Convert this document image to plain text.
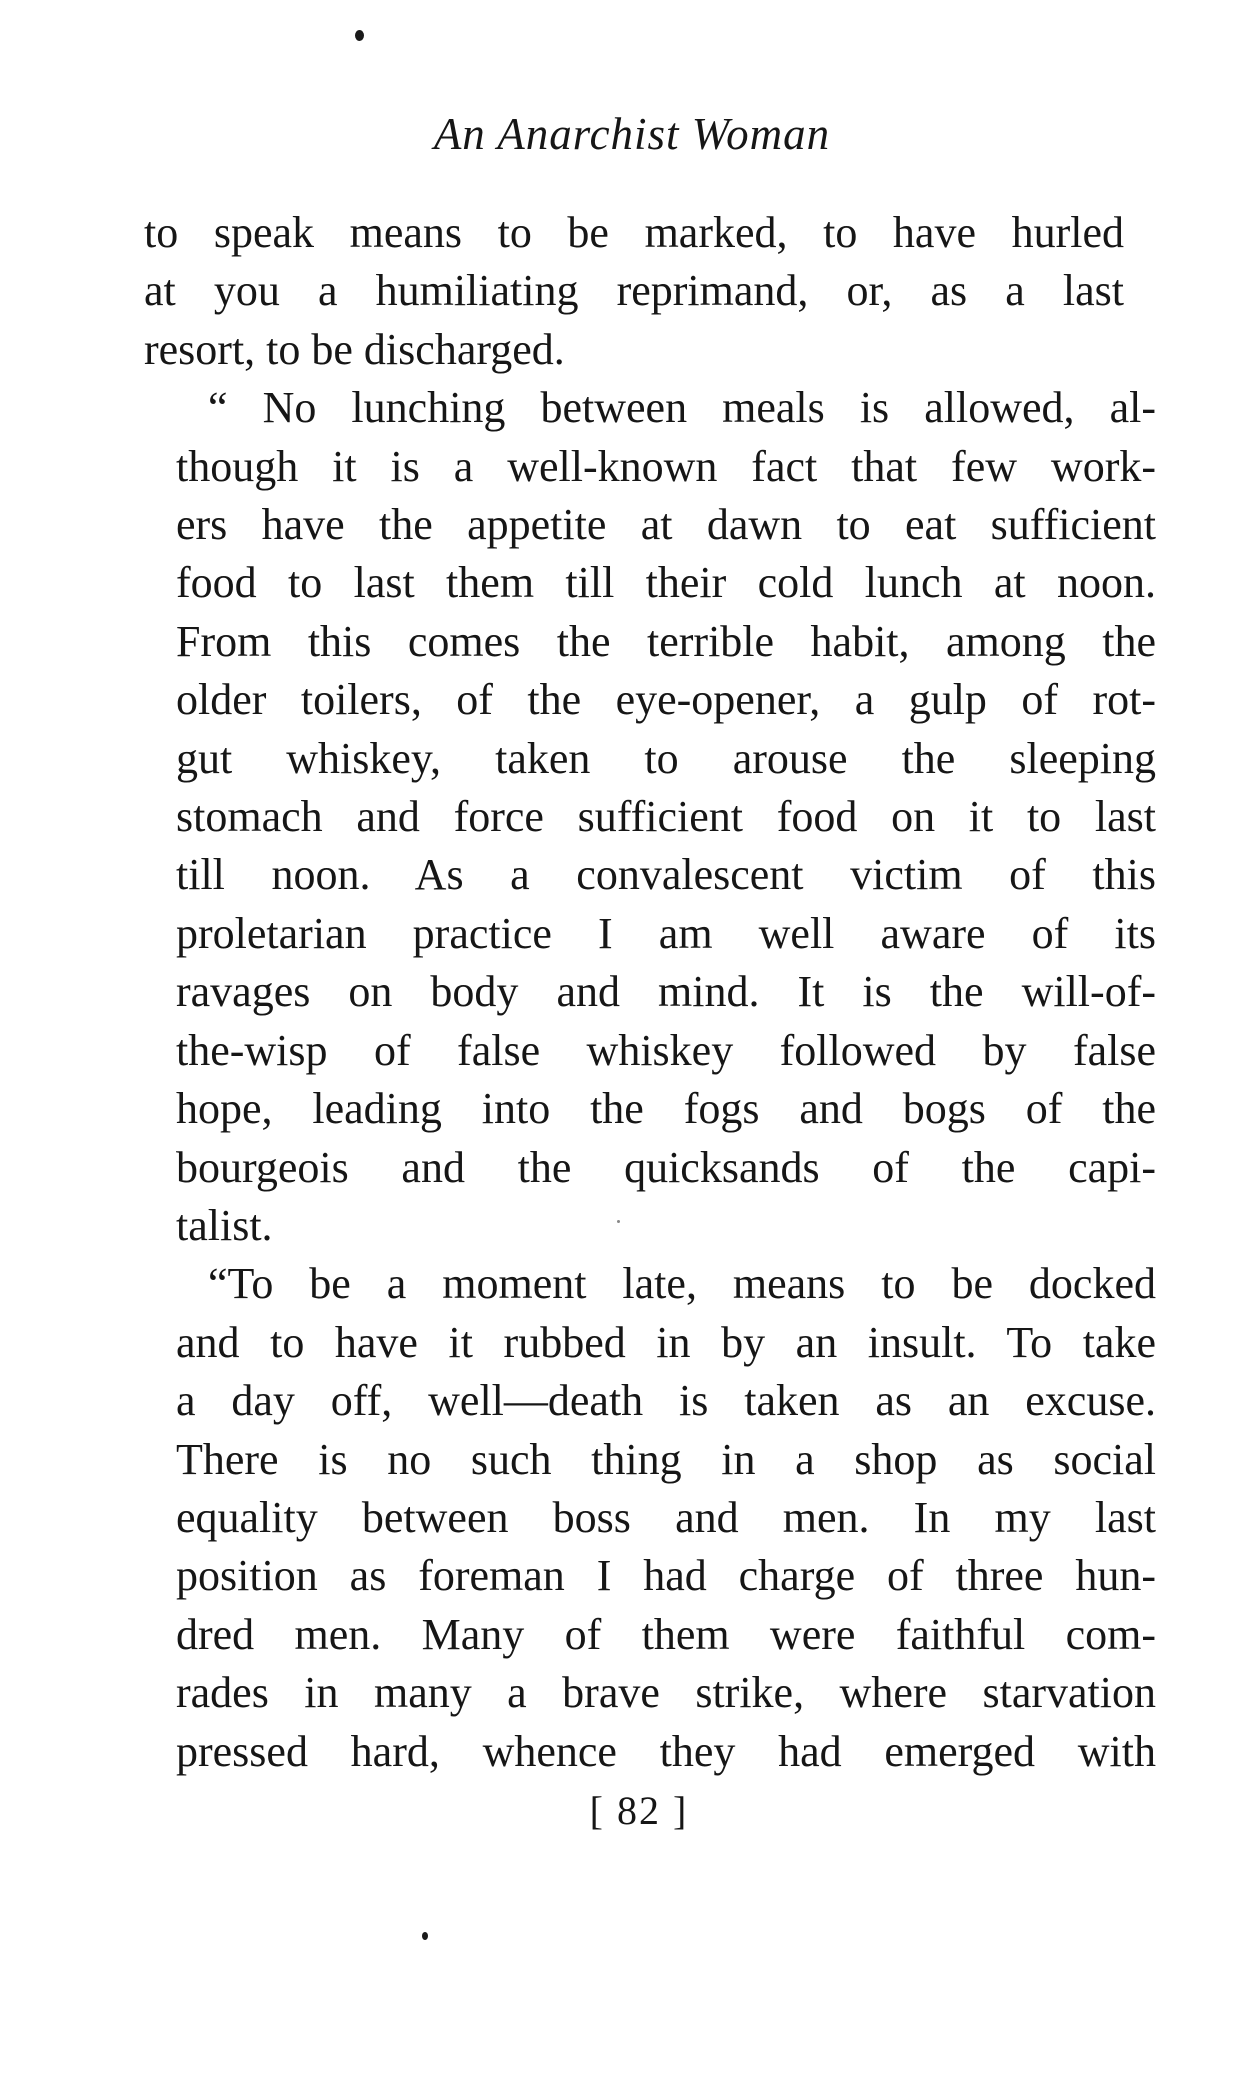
An Anarchist Woman

to speak means to be marked, to have hurled
at you a humiliating reprimand, or, as a last
resort, to be discharged.

“ No lunching between meals is allowed, al-
though it is a well-known fact that few work-
ers have the appetite at dawn to eat sufficient
food to last them till their cold lunch at noon.
From this comes the terrible habit, among the
older toilers, of the eye-opener, a gulp of rot-
gut whiskey, taken to arouse the sleeping
stomach and force sufficient food on it to last
till noon. As a convalescent victim of this
proletarian practice I am well aware of its
ravages on body and mind. It is the will-of-
the-wisp of false whiskey followed by false
hope, leading into the fogs and bogs of the
bourgeois and the quicksands of the capi-
talist.

“To be a moment late, means to be docked
and to have it rubbed in by an insult. To take
a day off, well—death is taken as an excuse.
There is no such thing in a shop as social
equality between boss and men. In my last
position as foreman I had charge of three hun-
dred men. Many of them were faithful com-
rades in many a brave strike, where starvation
pressed hard, whence they had emerged with

[ 82 ]
